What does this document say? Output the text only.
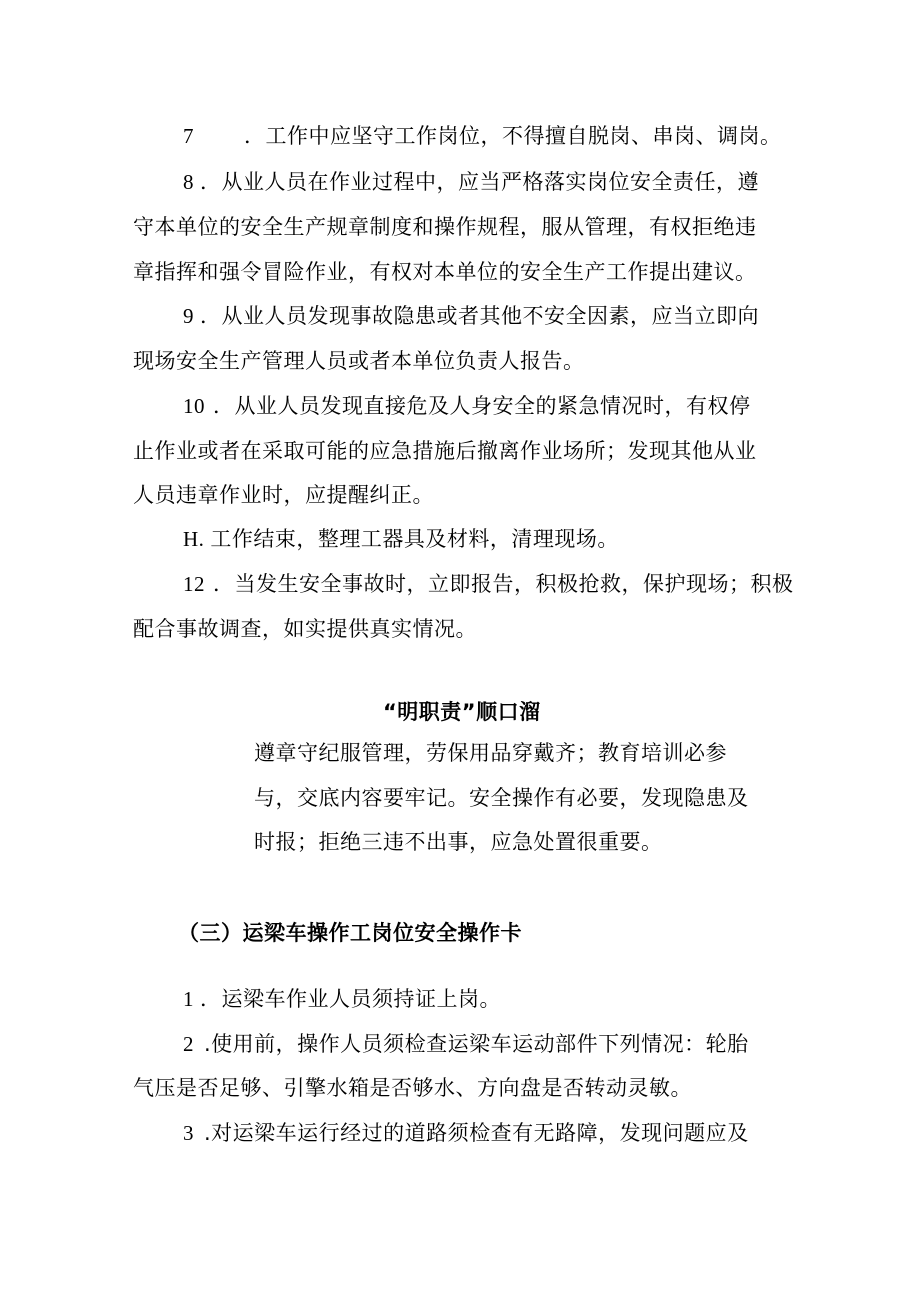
7 ．工作中应坚守工作岗位，不得擅自脱岗、串岗、调岗。
8 ．从业人员在作业过程中，应当严格落实岗位安全责任，遵
守本单位的安全生产规章制度和操作规程，服从管理，有权拒绝违
章指挥和强令冒险作业，有权对本单位的安全生产工作提出建议。
9 ．从业人员发现事故隐患或者其他不安全因素，应当立即向
现场安全生产管理人员或者本单位负责人报告。
10 ．从业人员发现直接危及人身安全的紧急情况时，有权停
止作业或者在采取可能的应急措施后撤离作业场所；发现其他从业
人员违章作业时，应提醒纠正。
H. 工作结束，整理工器具及材料，清理现场。
12 ．当发生安全事故时，立即报告，积极抢救，保护现场；积极
配合事故调查，如实提供真实情况。
“明职责”顺口溜
遵章守纪服管理，劳保用品穿戴齐；教育培训必参
与，交底内容要牢记。安全操作有必要，发现隐患及
时报；拒绝三违不出事，应急处置很重要。
（三）运梁车操作工岗位安全操作卡
1 ．运梁车作业人员须持证上岗。
2 .使用前，操作人员须检查运梁车运动部件下列情况：轮胎
气压是否足够、引擎水箱是否够水、方向盘是否转动灵敏。
3 .对运梁车运行经过的道路须检查有无路障，发现问题应及
